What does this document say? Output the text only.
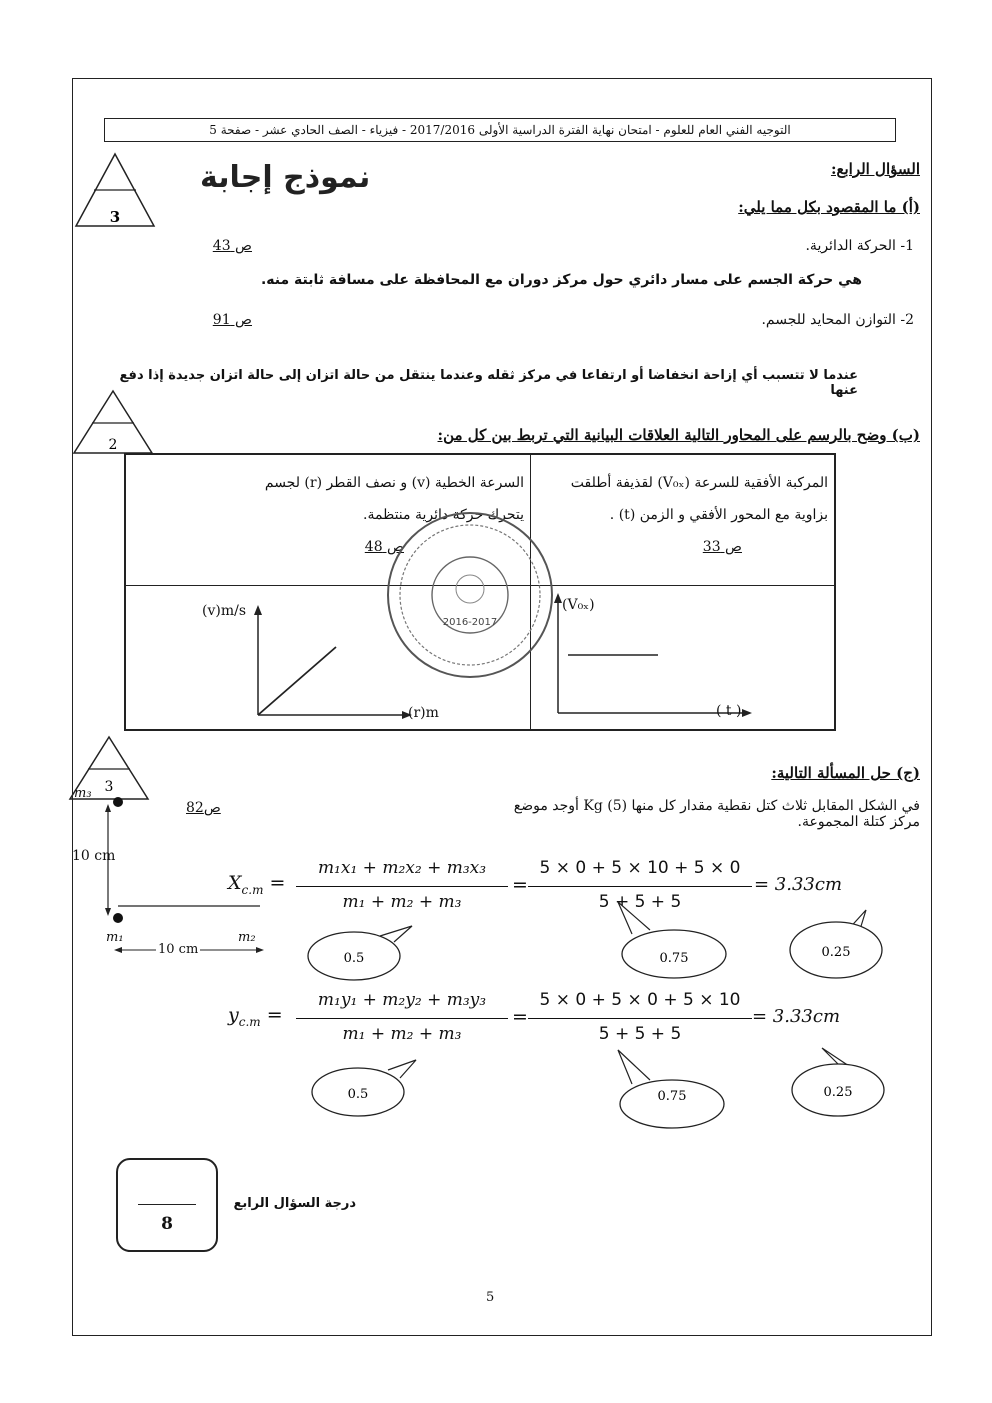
التوجيه الفني العام للعلوم - امتحان نهاية الفترة الدراسية الأولى 2017/2016 - فيزياء - الصف الحادي عشر - صفحة 5
نموذج إجابة
3
السؤال الرابع:
(أ) ما المقصود بكل مما يلي:
1- الحركة الدائرية.
ص 43
هي حركة الجسم على مسار دائري حول مركز دوران مع المحافظة على مسافة ثابتة منه.
2- التوازن المحايد للجسم.
ص 91
عندما لا تتسبب أي إزاحة انخفاضا أو ارتفاعا في مركز ثقله وعندما ينتقل من حالة اتزان إلى حالة اتزان جديدة إذا دفع عنها
2
(ب) وضح بالرسم على المحاور التالية العلاقات البيانية التي تربط بين كل من:
المركبة الأفقية للسرعة (V₀ₓ) لقذيفة أطلقت
بزاوية مع المحور الأفقي و الزمن (t) .
ص 33
السرعة الخطية (v) و نصف القطر (r) لجسم
يتحرك حركة دائرية منتظمة.
ص 48
(v)m/s
(r)m
(V₀ₓ)
( t )
2016-2017
3
(ج) حل المسألة التالية:
في الشكل المقابل ثلاث كتل نقطية مقدار كل منها Kg (5) أوجد موضع مركز كتلة المجموعة.
ص82
m₃
10 cm
m₁	m₂
10 cm
$X_{c.m}$ =
m₁x₁ + m₂x₂ + m₃x₃
m₁ + m₂ + m₃
=
5 × 0 + 5 × 10 + 5 × 0
5 + 5 + 5
= 3.33cm
0.5	0.75	0.25
$y_{c.m}$ =
m₁y₁ + m₂y₂ + m₃y₃
m₁ + m₂ + m₃
=
5 × 0 + 5 × 0 + 5 × 10
5 + 5 + 5
= 3.33cm
0.5	0.75	0.25
8
درجة السؤال الرابع
5
